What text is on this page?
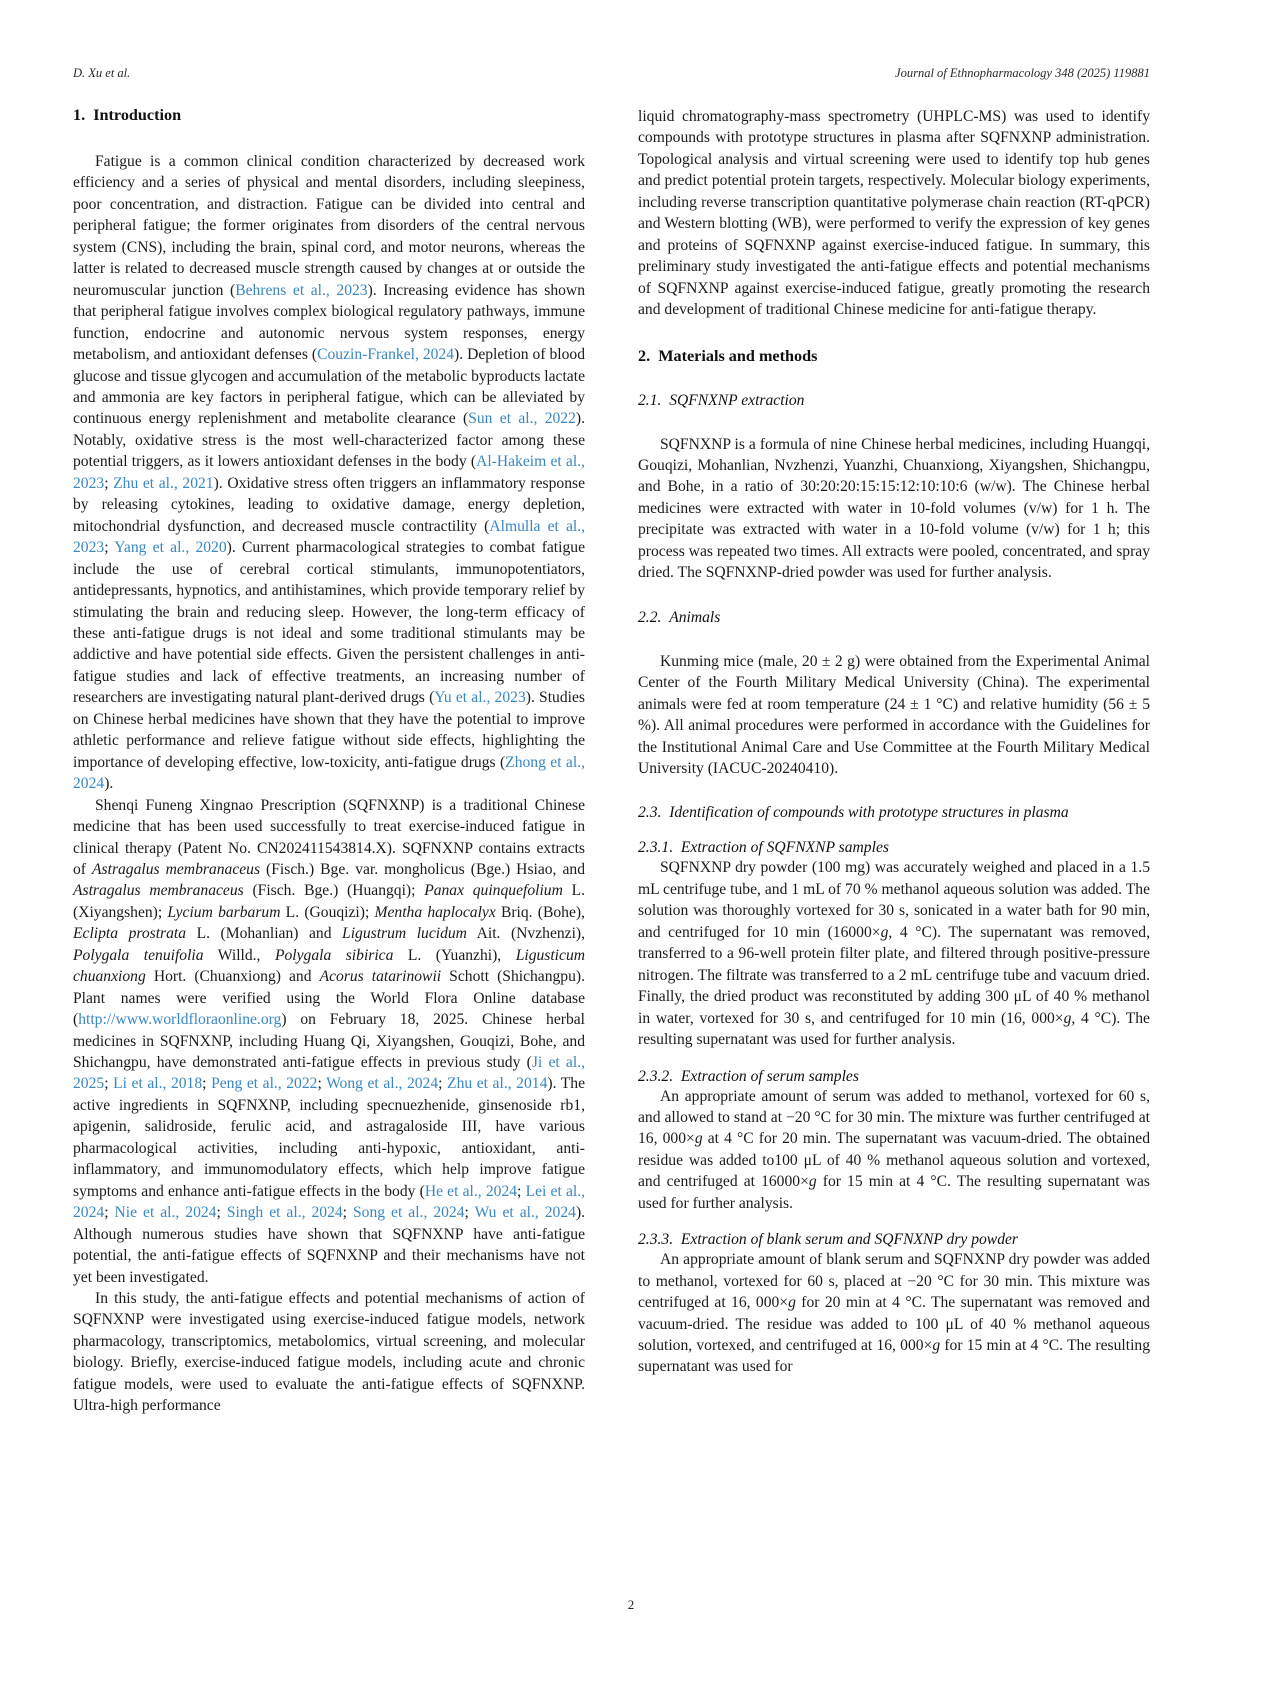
D. Xu et al.	Journal of Ethnopharmacology 348 (2025) 119881
1.  Introduction

Fatigue is a common clinical condition characterized by decreased work efficiency and a series of physical and mental disorders, including sleepiness, poor concentration, and distraction. Fatigue can be divided into central and peripheral fatigue; the former originates from disorders of the central nervous system (CNS), including the brain, spinal cord, and motor neurons, whereas the latter is related to decreased muscle strength caused by changes at or outside the neuromuscular junction (Behrens et al., 2023). Increasing evidence has shown that peripheral fatigue involves complex biological regulatory pathways, immune function, endocrine and autonomic nervous system responses, energy metabolism, and antioxidant defenses (Couzin-Frankel, 2024). Depletion of blood glucose and tissue glycogen and accumulation of the metabolic byproducts lactate and ammonia are key factors in peripheral fatigue, which can be alleviated by continuous energy replenishment and metabolite clearance (Sun et al., 2022). Notably, oxidative stress is the most well-characterized factor among these potential triggers, as it lowers antioxidant defenses in the body (Al-Hakeim et al., 2023; Zhu et al., 2021). Oxidative stress often triggers an inflammatory response by releasing cytokines, leading to oxidative damage, energy depletion, mitochondrial dysfunction, and decreased muscle contractility (Almulla et al., 2023; Yang et al., 2020). Current pharmacological strategies to combat fatigue include the use of cerebral cortical stimulants, immunopotentiators, antidepressants, hypnotics, and antihistamines, which provide temporary relief by stimulating the brain and reducing sleep. However, the long-term efficacy of these anti-fatigue drugs is not ideal and some traditional stimulants may be addictive and have potential side effects. Given the persistent challenges in anti-fatigue studies and lack of effective treatments, an increasing number of researchers are investigating natural plant-derived drugs (Yu et al., 2023). Studies on Chinese herbal medicines have shown that they have the potential to improve athletic performance and relieve fatigue without side effects, highlighting the importance of developing effective, low-toxicity, anti-fatigue drugs (Zhong et al., 2024).

Shenqi Funeng Xingnao Prescription (SQFNXNP) is a traditional Chinese medicine that has been used successfully to treat exercise-induced fatigue in clinical therapy (Patent No. CN202411543814.X). SQFNXNP contains extracts of Astragalus membranaceus (Fisch.) Bge. var. mongholicus (Bge.) Hsiao, and Astragalus membranaceus (Fisch. Bge.) (Huangqi); Panax quinquefolium L. (Xiyangshen); Lycium barbarum L. (Gouqizi); Mentha haplocalyx Briq. (Bohe), Eclipta prostrata L. (Mohanlian) and Ligustrum lucidum Ait. (Nvzhenzi), Polygala tenuifolia Willd., Polygala sibirica L. (Yuanzhi), Ligusticum chuanxiong Hort. (Chuanxiong) and Acorus tatarinowii Schott (Shichangpu). Plant names were verified using the World Flora Online database (http://www.worldfloraonline.org) on February 18, 2025. Chinese herbal medicines in SQFNXNP, including Huang Qi, Xiyangshen, Gouqizi, Bohe, and Shichangpu, have demonstrated anti-fatigue effects in previous study (Ji et al., 2025; Li et al., 2018; Peng et al., 2022; Wong et al., 2024; Zhu et al., 2014). The active ingredients in SQFNXNP, including specnuezhenide, ginsenoside rb1, apigenin, salidroside, ferulic acid, and astragaloside III, have various pharmacological activities, including anti-hypoxic, antioxidant, anti-inflammatory, and immunomodulatory effects, which help improve fatigue symptoms and enhance anti-fatigue effects in the body (He et al., 2024; Lei et al., 2024; Nie et al., 2024; Singh et al., 2024; Song et al., 2024; Wu et al., 2024). Although numerous studies have shown that SQFNXNP have anti-fatigue potential, the anti-fatigue effects of SQFNXNP and their mechanisms have not yet been investigated.

In this study, the anti-fatigue effects and potential mechanisms of action of SQFNXNP were investigated using exercise-induced fatigue models, network pharmacology, transcriptomics, metabolomics, virtual screening, and molecular biology. Briefly, exercise-induced fatigue models, including acute and chronic fatigue models, were used to evaluate the anti-fatigue effects of SQFNXNP. Ultra-high performance

liquid chromatography-mass spectrometry (UHPLC-MS) was used to identify compounds with prototype structures in plasma after SQFNXNP administration. Topological analysis and virtual screening were used to identify top hub genes and predict potential protein targets, respectively. Molecular biology experiments, including reverse transcription quantitative polymerase chain reaction (RT-qPCR) and Western blotting (WB), were performed to verify the expression of key genes and proteins of SQFNXNP against exercise-induced fatigue. In summary, this preliminary study investigated the anti-fatigue effects and potential mechanisms of SQFNXNP against exercise-induced fatigue, greatly promoting the research and development of traditional Chinese medicine for anti-fatigue therapy.

2.  Materials and methods
2.1.  SQFNXNP extraction

SQFNXNP is a formula of nine Chinese herbal medicines, including Huangqi, Gouqizi, Mohanlian, Nvzhenzi, Yuanzhi, Chuanxiong, Xiyangshen, Shichangpu, and Bohe, in a ratio of 30:20:20:15:15:12:10:10:6 (w/w). The Chinese herbal medicines were extracted with water in 10-fold volumes (v/w) for 1 h. The precipitate was extracted with water in a 10-fold volume (v/w) for 1 h; this process was repeated two times. All extracts were pooled, concentrated, and spray dried. The SQFNXNP-dried powder was used for further analysis.

2.2.  Animals

Kunming mice (male, 20 ± 2 g) were obtained from the Experimental Animal Center of the Fourth Military Medical University (China). The experimental animals were fed at room temperature (24 ± 1 °C) and relative humidity (56 ± 5 %). All animal procedures were performed in accordance with the Guidelines for the Institutional Animal Care and Use Committee at the Fourth Military Medical University (IACUC-20240410).

2.3.  Identification of compounds with prototype structures in plasma
2.3.1.  Extraction of SQFNXNP samples

SQFNXNP dry powder (100 mg) was accurately weighed and placed in a 1.5 mL centrifuge tube, and 1 mL of 70 % methanol aqueous solution was added. The solution was thoroughly vortexed for 30 s, sonicated in a water bath for 90 min, and centrifuged for 10 min (16000×g, 4 °C). The supernatant was removed, transferred to a 96-well protein filter plate, and filtered through positive-pressure nitrogen. The filtrate was transferred to a 2 mL centrifuge tube and vacuum dried. Finally, the dried product was reconstituted by adding 300 μL of 40 % methanol in water, vortexed for 30 s, and centrifuged for 10 min (16, 000×g, 4 °C). The resulting supernatant was used for further analysis.

2.3.2.  Extraction of serum samples

An appropriate amount of serum was added to methanol, vortexed for 60 s, and allowed to stand at −20 °C for 30 min. The mixture was further centrifuged at 16, 000×g at 4 °C for 20 min. The supernatant was vacuum-dried. The obtained residue was added to100 μL of 40 % methanol aqueous solution and vortexed, and centrifuged at 16000×g for 15 min at 4 °C. The resulting supernatant was used for further analysis.

2.3.3.  Extraction of blank serum and SQFNXNP dry powder

An appropriate amount of blank serum and SQFNXNP dry powder was added to methanol, vortexed for 60 s, placed at −20 °C for 30 min. This mixture was centrifuged at 16, 000×g for 20 min at 4 °C. The supernatant was removed and vacuum-dried. The residue was added to 100 μL of 40 % methanol aqueous solution, vortexed, and centrifuged at 16, 000×g for 15 min at 4 °C. The resulting supernatant was used for

2
